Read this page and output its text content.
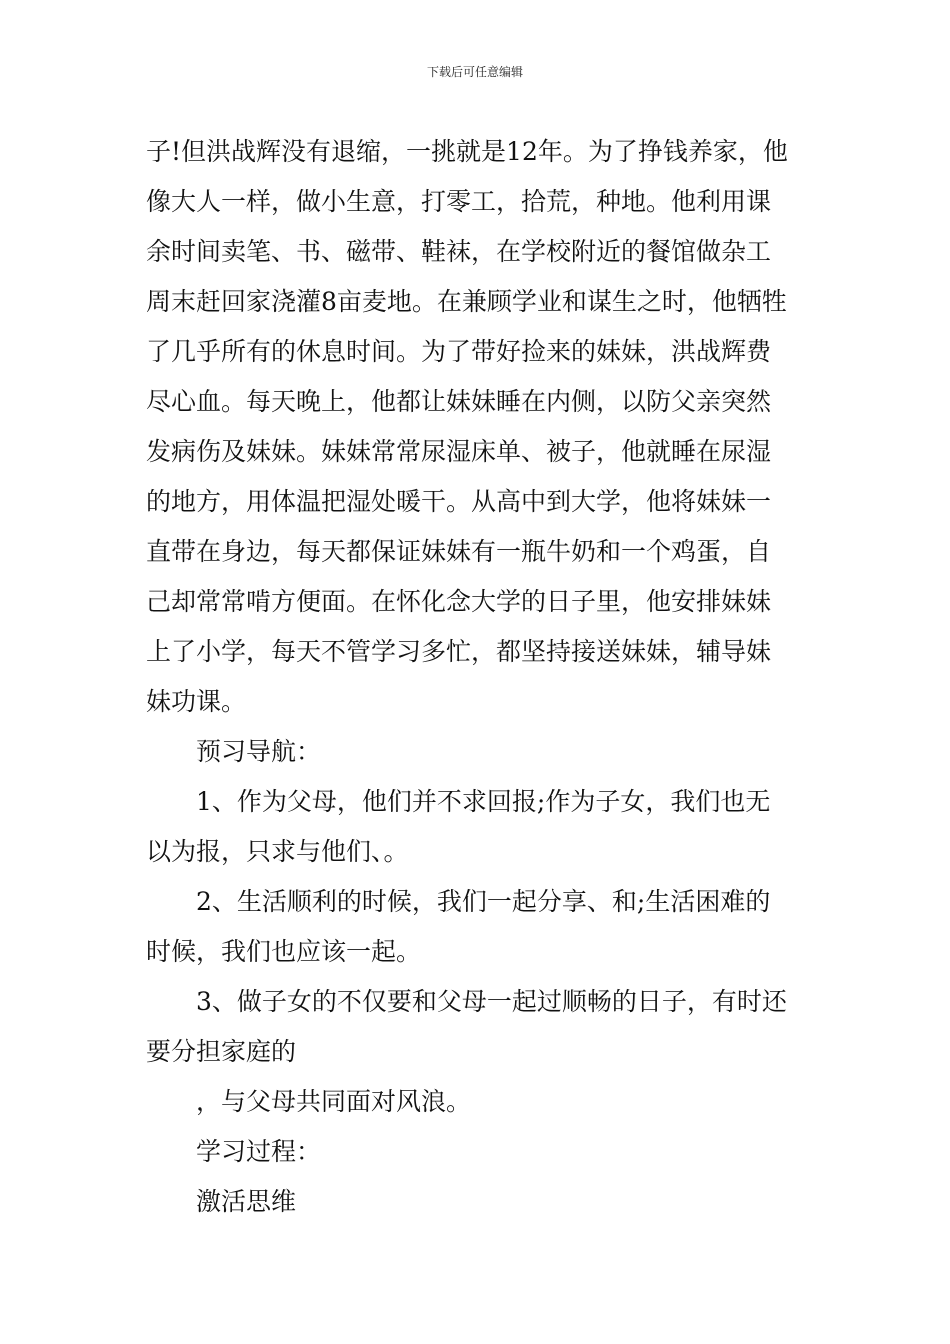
下载后可任意编辑
子!但洪战辉没有退缩，一挑就是12年。为了挣钱养家，他
像大人一样，做小生意，打零工，拾荒，种地。他利用课
余时间卖笔、书、磁带、鞋袜，在学校附近的餐馆做杂工
周末赶回家浇灌8亩麦地。在兼顾学业和谋生之时，他牺牲
了几乎所有的休息时间。为了带好捡来的妹妹，洪战辉费
尽心血。每天晚上，他都让妹妹睡在内侧，以防父亲突然
发病伤及妹妹。妹妹常常尿湿床单、被子，他就睡在尿湿
的地方，用体温把湿处暖干。从高中到大学，他将妹妹一
直带在身边，每天都保证妹妹有一瓶牛奶和一个鸡蛋，自
己却常常啃方便面。在怀化念大学的日子里，他安排妹妹
上了小学，每天不管学习多忙，都坚持接送妹妹，辅导妹
妹功课。
预习导航：
1、作为父母，他们并不求回报;作为子女，我们也无
以为报，只求与他们、。
2、生活顺利的时候，我们一起分享、和;生活困难的
时候，我们也应该一起。
3、做子女的不仅要和父母一起过顺畅的日子，有时还
要分担家庭的
，与父母共同面对风浪。
学习过程：
激活思维
